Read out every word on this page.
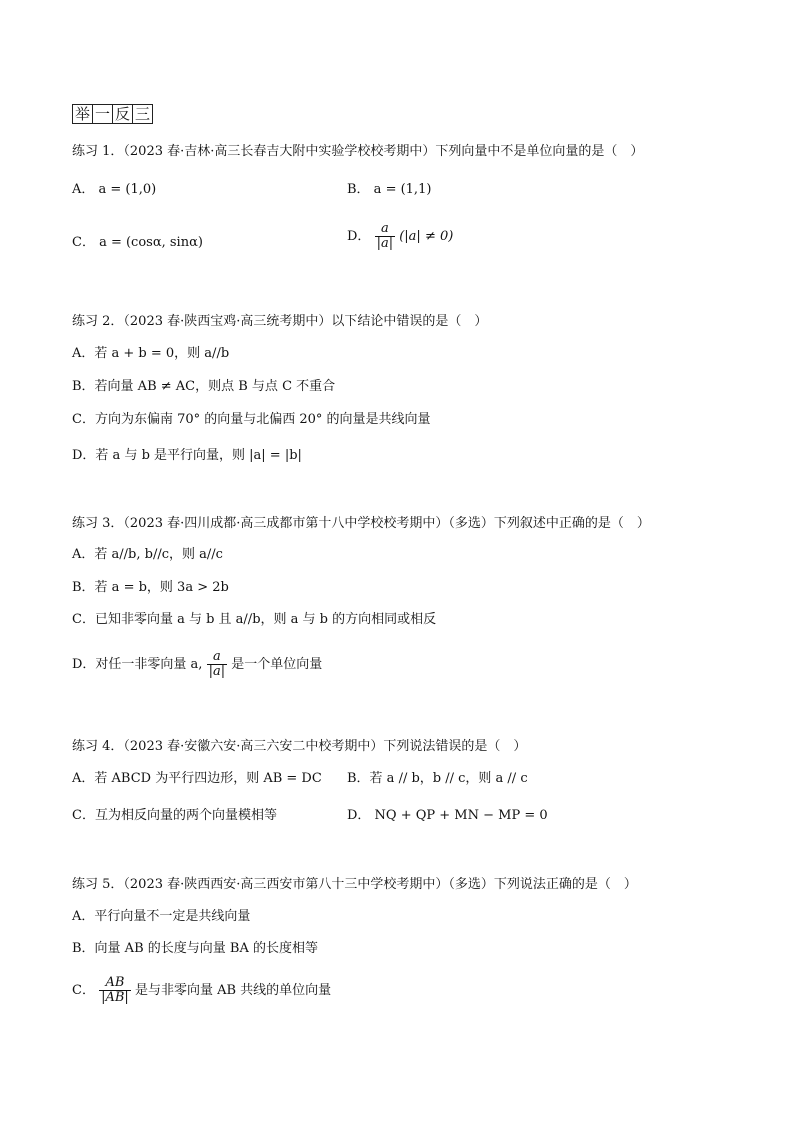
举 一 反 三
练习 1．（2023 春·吉林·高三长春吉大附中实验学校校考期中）下列向量中不是单位向量的是（　）
A． a = (1,0)	B． a = (1,1)
C． a = (cosα, sinα)	D． $\frac{a}{|a|} (|a| \ne 0)$
练习 2．（2023 春·陕西宝鸡·高三统考期中）以下结论中错误的是（　）
A．若 a + b = 0，则 a//b
B．若向量 AB ≠ AC，则点 B 与点 C 不重合
C．方向为东偏南 70° 的向量与北偏西 20° 的向量是共线向量
D．若 a 与 b 是平行向量，则 |a| = |b|
练习 3．（2023 春·四川成都·高三成都市第十八中学校校考期中）（多选）下列叙述中正确的是（　）
A．若 a//b, b//c，则 a//c
B．若 a = b，则 3a > 2b
C．已知非零向量 a 与 b 且 a//b，则 a 与 b 的方向相同或相反
D．对任一非零向量 a, $\frac{a}{|a|}$ 是一个单位向量
练习 4．（2023 春·安徽六安·高三六安二中校考期中）下列说法错误的是（　）
A．若 ABCD 为平行四边形，则 AB = DC B．若 a // b，b // c，则 a // c
C．互为相反向量的两个向量模相等	D． NQ + QP + MN − MP = 0
练习 5．（2023 春·陕西西安·高三西安市第八十三中学校考期中）（多选）下列说法正确的是（　）
A．平行向量不一定是共线向量
B．向量 AB 的长度与向量 BA 的长度相等
C． $\frac{AB}{|AB|}$ 是与非零向量 AB 共线的单位向量
